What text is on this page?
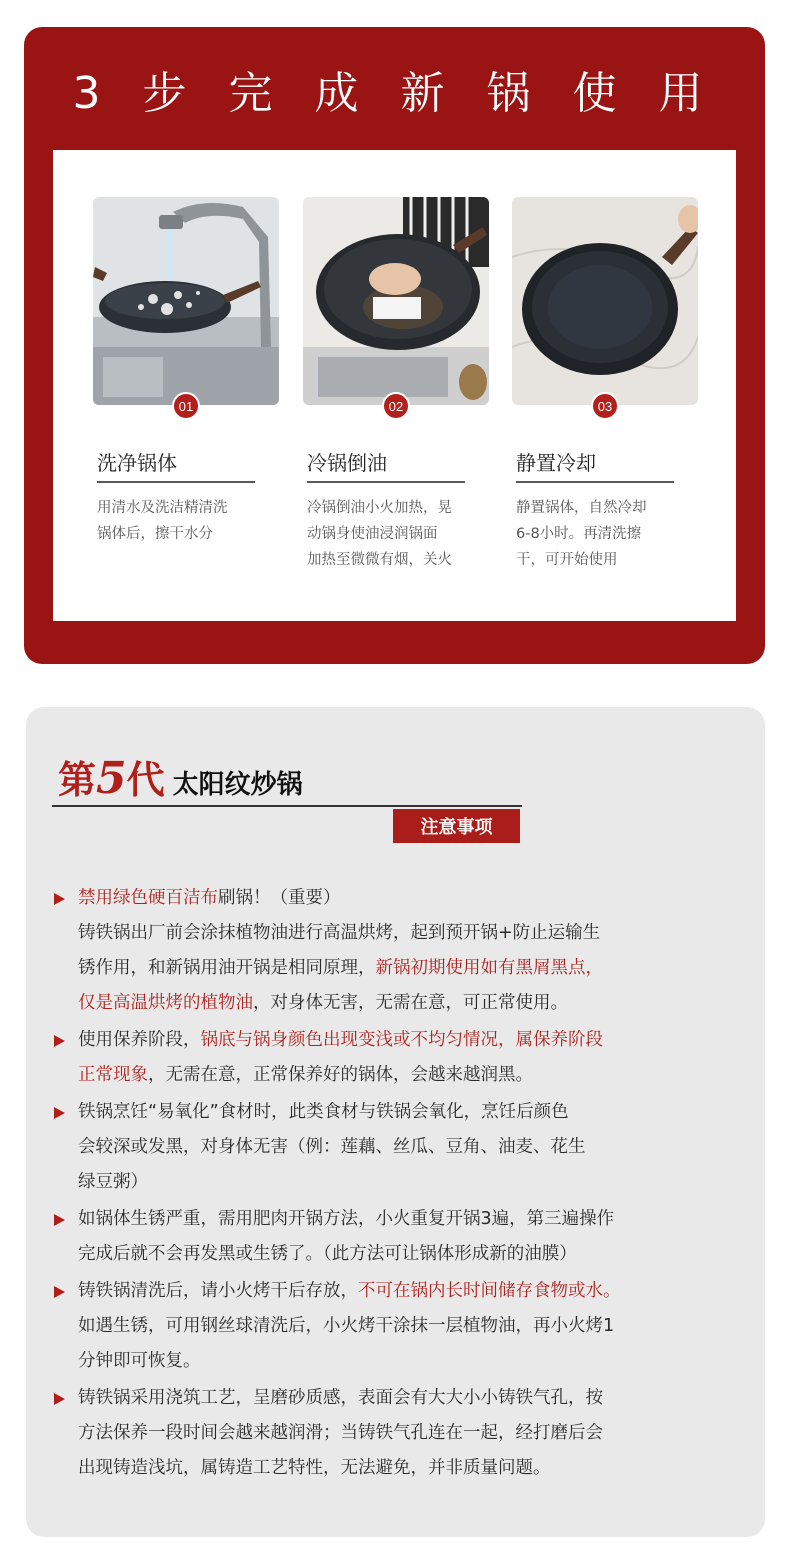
3 步 完 成 新 锅 使 用
01
洗净锅体
用清水及洗洁精清洗
锅体后，擦干水分
02
冷锅倒油
冷锅倒油小火加热，晃
动锅身使油浸润锅面
加热至微微有烟，关火
03
静置冷却
静置锅体，自然冷却
6-8小时。再清洗擦
干，可开始使用
第5代 太阳纹炒锅
注意事项
禁用绿色硬百洁布刷锅！（重要）
铸铁锅出厂前会涂抹植物油进行高温烘烤，起到预开锅+防止运输生
锈作用，和新锅用油开锅是相同原理，新锅初期使用如有黑屑黑点，
仅是高温烘烤的植物油，对身体无害，无需在意，可正常使用。
使用保养阶段，锅底与锅身颜色出现变浅或不均匀情况，属保养阶段
正常现象，无需在意，正常保养好的锅体，会越来越润黑。
铁锅烹饪“易氧化”食材时，此类食材与铁锅会氧化，烹饪后颜色
会较深或发黑，对身体无害（例：莲藕、丝瓜、豆角、油麦、花生
绿豆粥）
如锅体生锈严重，需用肥肉开锅方法，小火重复开锅3遍，第三遍操作
完成后就不会再发黑或生锈了。（此方法可让锅体形成新的油膜）
铸铁锅清洗后，请小火烤干后存放，不可在锅内长时间储存食物或水。
如遇生锈，可用钢丝球清洗后，小火烤干涂抹一层植物油，再小火烤1
分钟即可恢复。
铸铁锅采用浇筑工艺，呈磨砂质感，表面会有大大小小铸铁气孔，按
方法保养一段时间会越来越润滑；当铸铁气孔连在一起，经打磨后会
出现铸造浅坑，属铸造工艺特性，无法避免，并非质量问题。
